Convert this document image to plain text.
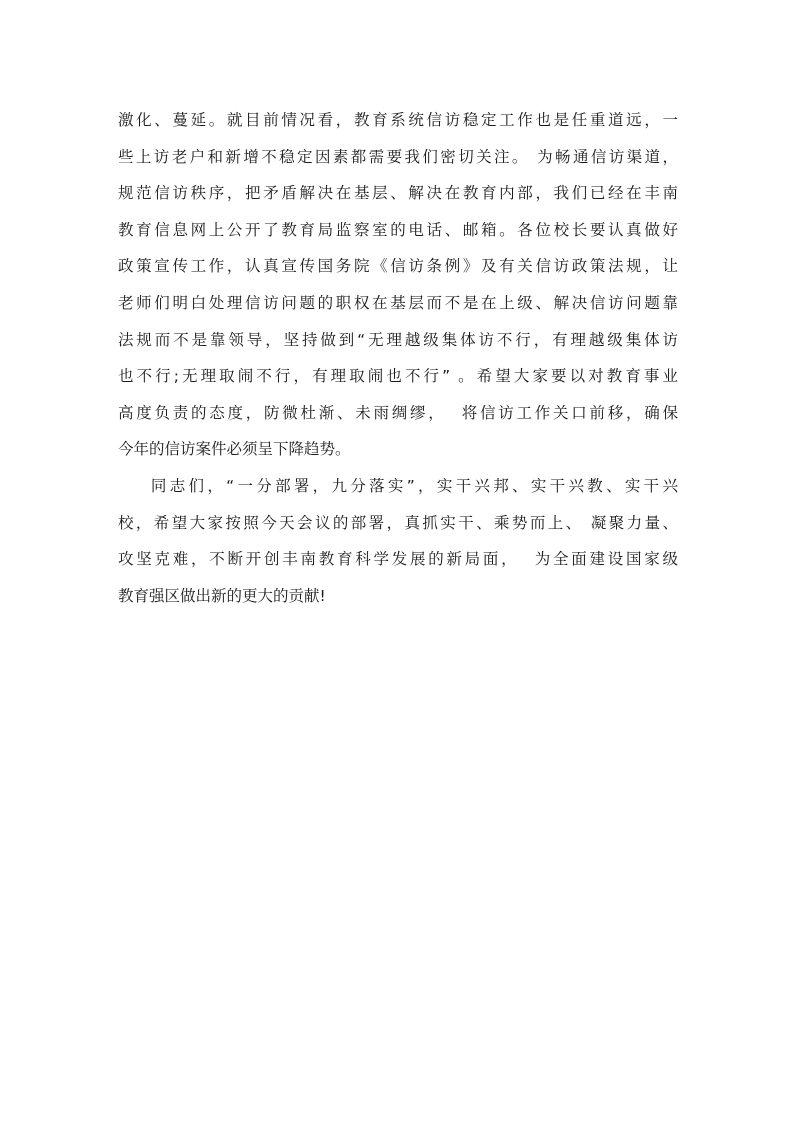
激化、蔓延。就目前情况看，教育系统信访稳定工作也是任重道远，一
些上访老户和新增不稳定因素都需要我们密切关注。 为畅通信访渠道，
规范信访秩序，把矛盾解决在基层、解决在教育内部，我们已经在丰南
教育信息网上公开了教育局监察室的电话、邮箱。各位校长要认真做好
政策宣传工作，认真宣传国务院《信访条例》及有关信访政策法规，让
老师们明白处理信访问题的职权在基层而不是在上级、解决信访问题靠
法规而不是靠领导，坚持做到“无理越级集体访不行，有理越级集体访
也不行;无理取闹不行，有理取闹也不行” 。希望大家要以对教育事业
高度负责的态度，防微杜渐、未雨绸缪，  将信访工作关口前移，确保
今年的信访案件必须呈下降趋势。
同志们，“一分部署，九分落实”，实干兴邦、实干兴教、实干兴
校，希望大家按照今天会议的部署，真抓实干、乘势而上、 凝聚力量、
攻坚克难，不断开创丰南教育科学发展的新局面，  为全面建设国家级
教育强区做出新的更大的贡献!
